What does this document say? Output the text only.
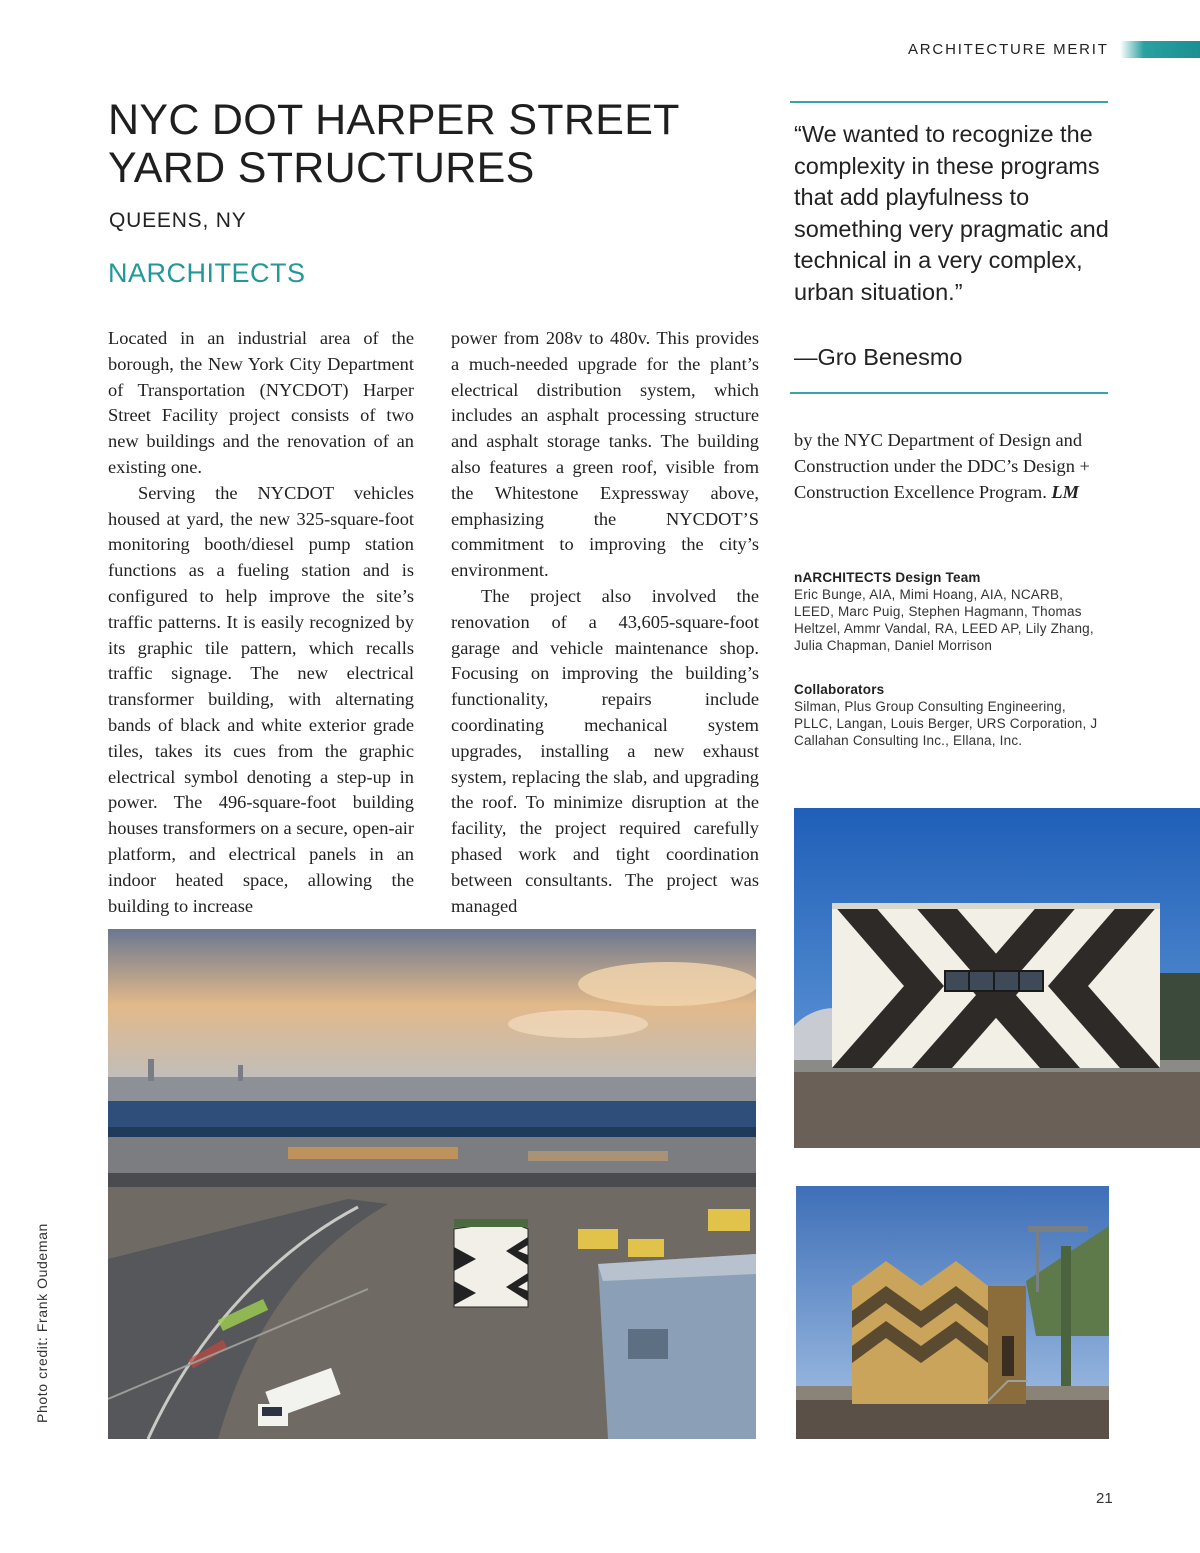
ARCHITECTURE MERIT
NYC DOT HARPER STREET YARD STRUCTURES
QUEENS, NY
NARCHITECTS

Located in an industrial area of the borough, the New York City Department of Transportation (NYCDOT) Harper Street Facility project consists of two new buildings and the renovation of an existing one.

Serving the NYCDOT vehicles housed at yard, the new 325-square-foot monitoring booth/diesel pump station functions as a fueling station and is configured to help improve the site’s traffic patterns. It is easily recognized by its graphic tile pattern, which recalls traffic signage. The new electrical transformer building, with alternating bands of black and white exterior grade tiles, takes its cues from the graphic electrical symbol denoting a step-up in power. The 496-square-foot building houses transformers on a secure, open-air platform, and electrical panels in an indoor heated space, allowing the building to increase

power from 208v to 480v. This provides a much-needed upgrade for the plant’s electrical distribution system, which includes an asphalt processing structure and asphalt storage tanks. The building also features a green roof, visible from the Whitestone Expressway above, emphasizing the NYCDOT’S commitment to improving the city’s environment.

The project also involved the renovation of a 43,605-square-foot garage and vehicle maintenance shop. Focusing on improving the building’s functionality, repairs include coordinating mechanical system upgrades, installing a new exhaust system, replacing the slab, and upgrading the roof. To minimize disruption at the facility, the project required carefully phased work and tight coordination between consultants. The project was managed

by the NYC Department of Design and Construction under the DDC’s Design + Construction Excellence Program. LM
“We wanted to recognize the complexity in these programs that add playfulness to something very pragmatic and technical in a very complex, urban situation.”
—Gro Benesmo
nARCHITECTS Design Team
Eric Bunge, AIA, Mimi Hoang, AIA, NCARB, LEED, Marc Puig, Stephen Hagmann, Thomas Heltzel, Ammr Vandal, RA, LEED AP, Lily Zhang, Julia Chapman, Daniel Morrison
Collaborators
Silman, Plus Group Consulting Engineering, PLLC, Langan, Louis Berger, URS Corporation, J Callahan Consulting Inc., Ellana, Inc.
Photo credit: Frank Oudeman
21
